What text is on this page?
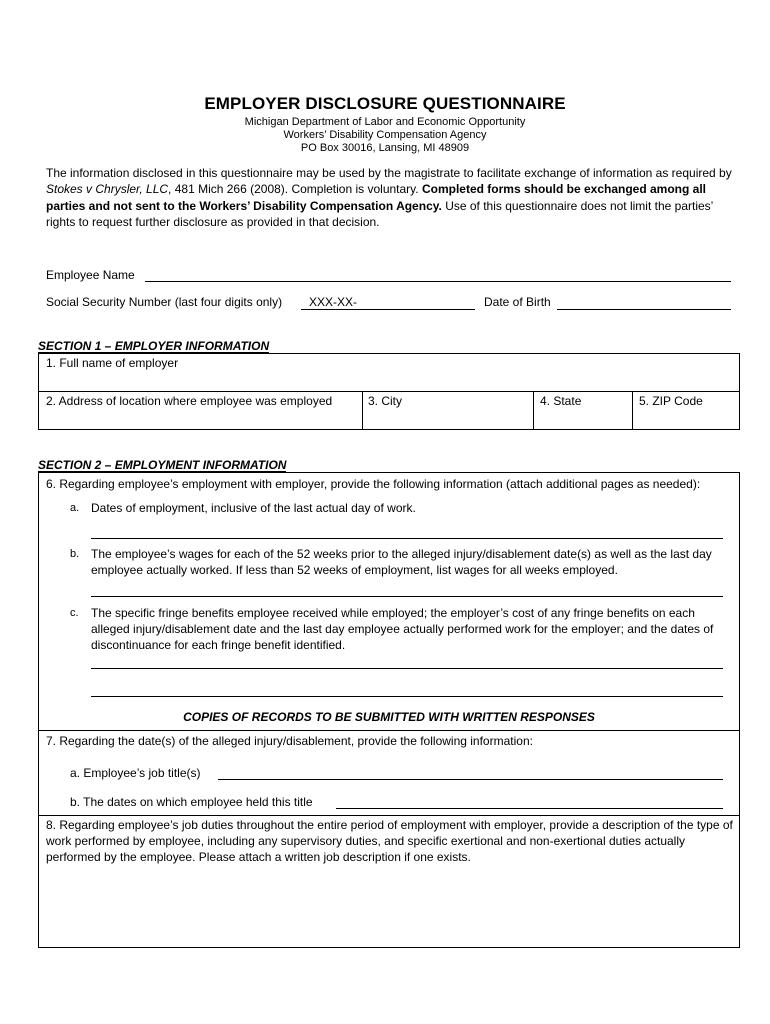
EMPLOYER DISCLOSURE QUESTIONNAIRE
Michigan Department of Labor and Economic Opportunity
Workers’ Disability Compensation Agency
PO Box 30016, Lansing, MI 48909
The information disclosed in this questionnaire may be used by the magistrate to facilitate exchange of information as required by Stokes v Chrysler, LLC, 481 Mich 266 (2008). Completion is voluntary. Completed forms should be exchanged among all parties and not sent to the Workers’ Disability Compensation Agency. Use of this questionnaire does not limit the parties’ rights to request further disclosure as provided in that decision.
Employee Name
Social Security Number (last four digits only) XXX-XX-	Date of Birth
SECTION 1 – EMPLOYER INFORMATION
1. Full name of employer
2. Address of location where employee was employed	3. City	4. State	5. ZIP Code
SECTION 2 – EMPLOYMENT INFORMATION
6. Regarding employee’s employment with employer, provide the following information (attach additional pages as needed):
a. Dates of employment, inclusive of the last actual day of work.
b. The employee’s wages for each of the 52 weeks prior to the alleged injury/disablement date(s) as well as the last day employee actually worked. If less than 52 weeks of employment, list wages for all weeks employed.
c. The specific fringe benefits employee received while employed; the employer’s cost of any fringe benefits on each alleged injury/disablement date and the last day employee actually performed work for the employer; and the dates of discontinuance for each fringe benefit identified.
COPIES OF RECORDS TO BE SUBMITTED WITH WRITTEN RESPONSES
7. Regarding the date(s) of the alleged injury/disablement, provide the following information:
a. Employee’s job title(s)
b. The dates on which employee held this title
8. Regarding employee’s job duties throughout the entire period of employment with employer, provide a description of the type of work performed by employee, including any supervisory duties, and specific exertional and non-exertional duties actually performed by the employee. Please attach a written job description if one exists.
